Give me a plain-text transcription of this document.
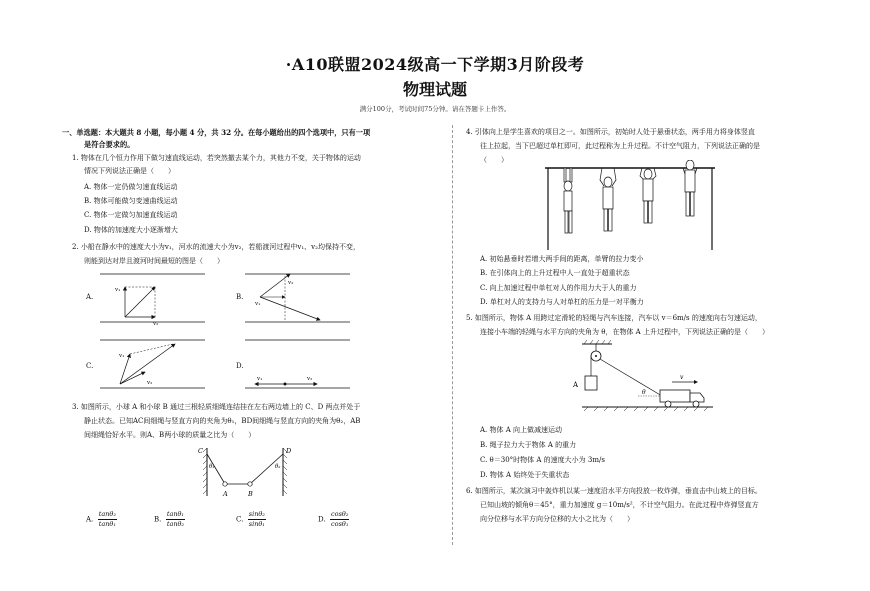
·A10联盟2024级高一下学期3月阶段考
物理试题
满分100分，考试时间75分钟。请在答题卡上作答。
一、单选题：本大题共 8 小题，每小题 4 分，共 32 分。在每小题给出的四个选项中，只有一项
是符合要求的。
1. 物体在几个恒力作用下做匀速直线运动，若突然撤去某个力，其他力不变，关于物体的运动
情况下列说法正确是（　　）
A. 物体一定仍做匀速直线运动
B. 物体可能做匀变速曲线运动
C. 物体一定做匀加速直线运动
D. 物体的加速度大小逐渐增大
2. 小船在静水中的速度大小为v₁，河水的流速大小为v₂，若船渡河过程中v₁、v₂均保持不变，
则能到达对岸且渡河时间最短的图是（　　）
A.	B.
C.	D.
v₁
v₂
v₁
v₂
v₁
v₂
v₁	v₂
3. 如图所示，小球 A 和小球 B 通过三根轻质细绳连结挂在左右两边墙上的 C、D 两点并处于
静止状态。已知AC间细绳与竖直方向的夹角为θ₁，BD间细绳与竖直方向的夹角为θ₂，AB
间细绳恰好水平。则A、B两小球的质量之比为（　　）
C	D
A	B
θ₁	θ₂
A. $\frac{\text{tanθ₂}}{\text{tanθ₁}}$	B. $\frac{\text{tanθ₁}}{\text{tanθ₂}}$	C. $\frac{\text{sinθ₂}}{\text{sinθ₁}}$	D. $\frac{\text{cosθ₂}}{\text{cosθ₁}}$
4. 引体向上是学生喜欢的项目之一。如图所示，初始时人处于悬垂状态，两手用力将身体竖直
往上拉起，当下巴超过单杠即可，此过程称为上升过程。不计空气阻力，下列说法正确的是
（　　）
A. 初始悬垂时若增大两手间的距离，单臂的拉力变小
B. 在引体向上的上升过程中人一直处于超重状态
C. 向上加速过程中单杠对人的作用力大于人的重力
D. 单杠对人的支持力与人对单杠的压力是一对平衡力
5. 如图所示，物体 A 用跨过定滑轮的轻绳与汽车连接，汽车以 v＝6m/s 的速度向右匀速运动，
连接小车端的轻绳与水平方向的夹角为 θ，在物体 A 上升过程中，下列说法正确的是（　　）
A
θ
v
A. 物体 A 向上做减速运动
B. 绳子拉力大于物体 A 的重力
C. θ＝30°时物体 A 的速度大小为 3m/s
D. 物体 A 始终处于失重状态
6. 如图所示，某次演习中轰炸机以某一速度沿水平方向投放一枚炸弹，垂直击中山坡上的目标。
已知山坡的倾角θ＝45°，重力加速度 g＝10m/s²，不计空气阻力。在此过程中炸弹竖直方
向分位移与水平方向分位移的大小之比为（　　）
